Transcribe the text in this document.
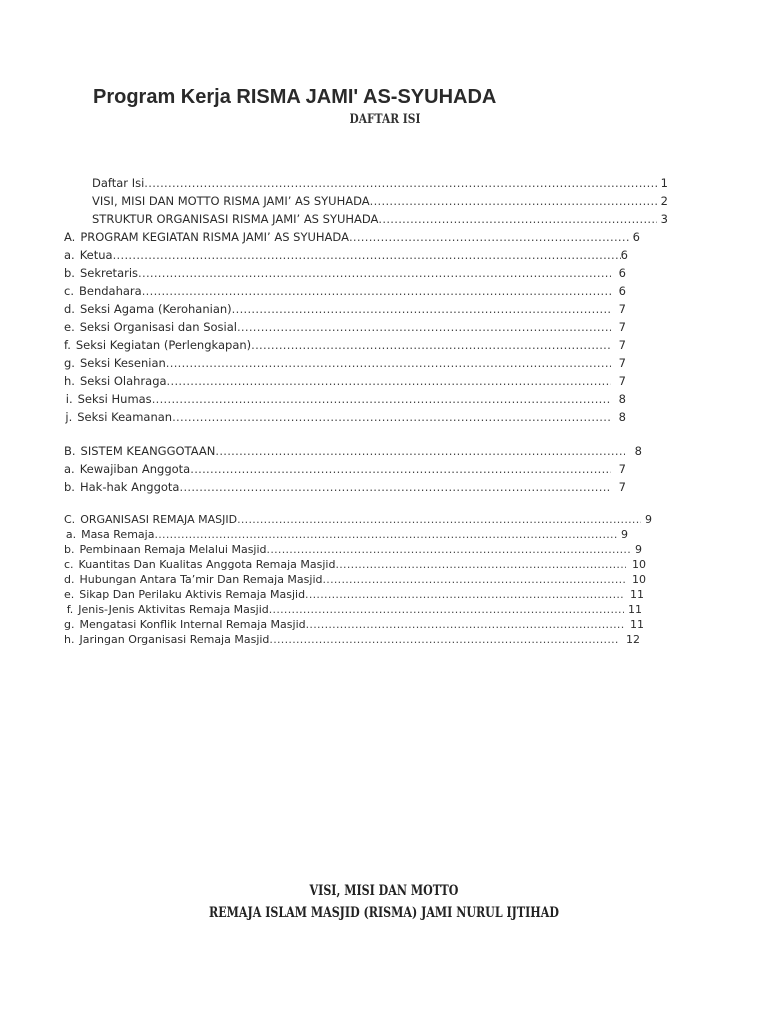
Program Kerja RISMA JAMI' AS-SYUHADA
DAFTAR ISI
Daftar Isi .....	1
VISI, MISI DAN MOTTO RISMA JAMI’ AS SYUHADA .....	2
STRUKTUR ORGANISASI RISMA JAMI’ AS SYUHADA .....	3
A. PROGRAM KEGIATAN RISMA JAMI’ AS SYUHADA .....	6
a. Ketua .....	6
b. Sekretaris .....	6
c. Bendahara .....	6
d. Seksi Agama (Kerohanian) .....	7
e. Seksi Organisasi dan Sosial .....	7
f. Seksi Kegiatan (Perlengkapan) .....	7
g. Seksi Kesenian .....	7
h. Seksi Olahraga .....	7
i. Seksi Humas .....	8
j. Seksi Keamanan .....	8
B. SISTEM KEANGGOTAAN .....	8
a. Kewajiban Anggota .....	7
b. Hak-hak Anggota .....	7
C. ORGANISASI REMAJA MASJID .....	9
a. Masa Remaja .....	9
b. Pembinaan Remaja Melalui Masjid .....	9
c. Kuantitas Dan Kualitas Anggota Remaja Masjid .....	10
d. Hubungan Antara Ta’mir Dan Remaja Masjid .....	10
e. Sikap Dan Perilaku Aktivis Remaja Masjid .....	11
f. Jenis-Jenis Aktivitas Remaja Masjid .....	11
g. Mengatasi Konflik Internal Remaja Masjid .....	11
h. Jaringan Organisasi Remaja Masjid .....	12
VISI, MISI DAN MOTTO
REMAJA ISLAM MASJID (RISMA) JAMI NURUL IJTIHAD
